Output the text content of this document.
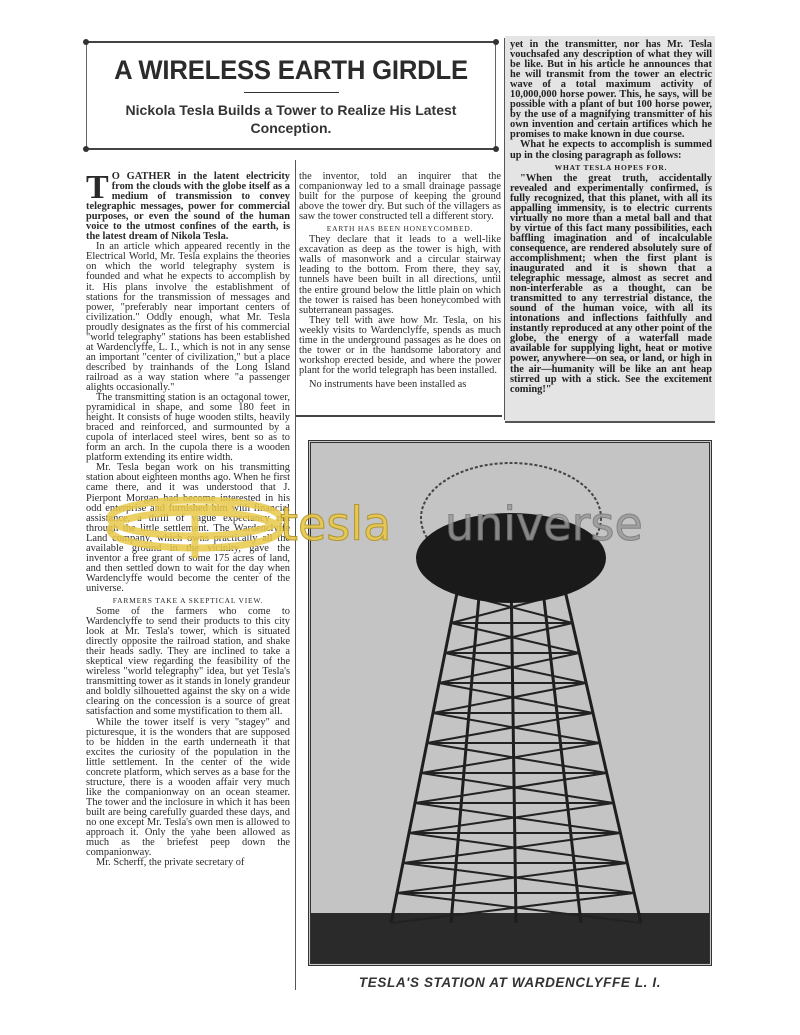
A WIRELESS EARTH GIRDLE
Nickola Tesla Builds a Tower to Realize His Latest Conception.

T O GATHER in the latent electricity from the clouds with the globe itself as a medium of transmission to convey telegraphic messages, power for commercial purposes, or even the sound of the human voice to the utmost confines of the earth, is the latest dream of Nikola Tesla.

In an article which appeared recently in the Electrical World, Mr. Tesla explains the theories on which the world telegraphy system is founded and what he expects to accomplish by it. His plans involve the establishment of stations for the transmission of messages and power, "preferably near important centers of civilization." Oddly enough, what Mr. Tesla proudly designates as the first of his commercial "world telegraphy" stations has been established at Wardenclyffe, L. I., which is not in any sense an important "center of civilization," but a place described by trainhands of the Long Island railroad as a way station where "a passenger alights occasionally."

The transmitting station is an octagonal tower, pyramidical in shape, and some 180 feet in height. It consists of huge wooden stilts, heavily braced and reinforced, and surmounted by a cupola of interlaced steel wires, bent so as to form an arch. In the cupola there is a wooden platform extending its entire width.

Mr. Tesla began work on his transmitting station about eighteen months ago. When he first came there, and it was understood that J. Pierpont Morgan had become interested in his odd enterprise and furnished him with financial assistance, a thrill of vague expectancy ran through the little settlement. The Wardenclyffe Land company, which owns practically all the available ground in the vicinity, gave the inventor a free grant of some 175 acres of land, and then settled down to wait for the day when Wardenclyffe would become the center of the universe.

FARMERS TAKE A SKEPTICAL VIEW.

Some of the farmers who come to Wardenclyffe to send their products to this city look at Mr. Tesla's tower, which is situated directly opposite the railroad station, and shake their heads sadly. They are inclined to take a skeptical view regarding the feasibility of the wireless "world telegraphy" idea, but yet Tesla's transmitting tower as it stands in lonely grandeur and boldly silhouetted against the sky on a wide clearing on the concession is a source of great satisfaction and some mystification to them all.

While the tower itself is very "stagey" and picturesque, it is the wonders that are supposed to be hidden in the earth underneath it that excites the curiosity of the population in the little settlement. In the center of the wide concrete platform, which serves as a base for the structure, there is a wooden affair very much like the companionway on an ocean steamer. The tower and the inclosure in which it has been built are being carefully guarded these days, and no one except Mr. Tesla's own men is allowed to approach it. Only the yahe been allowed as much as the briefest peep down the companionway.

Mr. Scherff, the private secretary of

the inventor, told an inquirer that the companionway led to a small drainage passage built for the purpose of keeping the ground above the tower dry. But such of the villagers as saw the tower constructed tell a different story.

EARTH HAS BEEN HONEYCOMBED.

They declare that it leads to a well-like excavation as deep as the tower is high, with walls of masonwork and a circular stairway leading to the bottom. From there, they say, tunnels have been built in all directions, until the entire ground below the little plain on which the tower is raised has been honeycombed with subterranean passages.

They tell with awe how Mr. Tesla, on his weekly visits to Wardenclyffe, spends as much time in the underground passages as he does on the tower or in the handsome laboratory and workshop erected beside, and where the power plant for the world telegraph has been installed.

No instruments have been installed as

yet in the transmitter, nor has Mr. Tesla vouchsafed any description of what they will be like. But in his article he announces that he will transmit from the tower an electric wave of a total maximum activity of 10,000,000 horse power. This, he says, will be possible with a plant of but 100 horse power, by the use of a magnifying transmitter of his own invention and certain artifices which he promises to make known in due course.

What he expects to accomplish is summed up in the closing paragraph as follows:

WHAT TESLA HOPES FOR.

"When the great truth, accidentally revealed and experimentally confirmed, is fully recognized, that this planet, with all its appalling immensity, is to electric currents virtually no more than a metal ball and that by virtue of this fact many possibilities, each baffling imagination and of incalculable consequence, are rendered absolutely sure of accomplishment; when the first plant is inaugurated and it is shown that a telegraphic message, almost as secret and non-interferable as a thought, can be transmitted to any terrestrial distance, the sound of the human voice, with all its intonations and inflections faithfully and instantly reproduced at any other point of the globe, the energy of a waterfall made available for supplying light, heat or motive power, anywhere—on sea, or land, or high in the air—humanity will be like an ant heap stirred up with a stick. See the excitement coming!"

TESLA'S STATION AT WARDENCLYFFE L. I.
tesla universe
